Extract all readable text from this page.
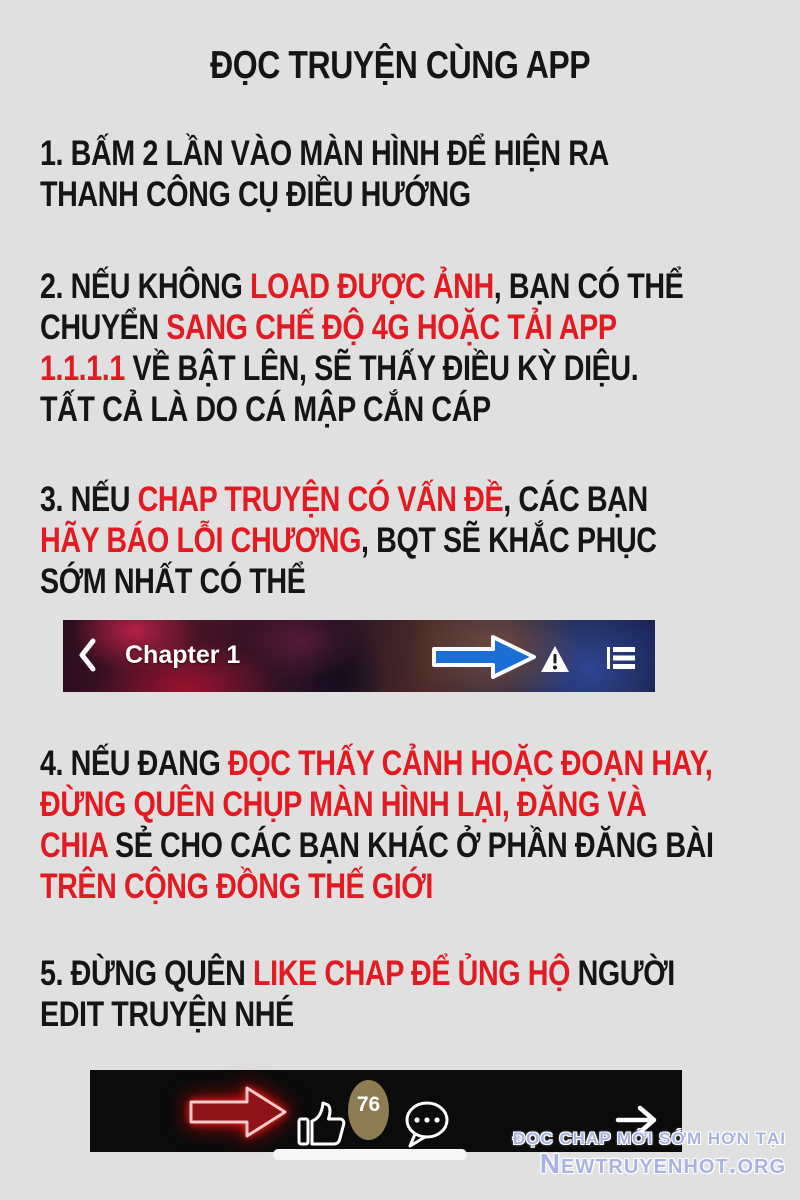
ĐỌC TRUYỆN CÙNG APP
1. BẤM 2 LẦN VÀO MÀN HÌNH ĐỂ HIỆN RA
THANH CÔNG CỤ ĐIỀU HƯỚNG
2. NẾU KHÔNG LOAD ĐƯỢC ẢNH, BẠN CÓ THỂ
CHUYỂN SANG CHẾ ĐỘ 4G HOẶC TẢI APP
1.1.1.1 VỀ BẬT LÊN, SẼ THẤY ĐIỀU KỲ DIỆU.
TẤT CẢ LÀ DO CÁ MẬP CẮN CÁP
3. NẾU CHAP TRUYỆN CÓ VẤN ĐỀ, CÁC BẠN
HÃY BÁO LỖI CHƯƠNG, BQT SẼ KHẮC PHỤC
SỚM NHẤT CÓ THỂ
4. NẾU ĐANG ĐỌC THẤY CẢNH HOẶC ĐOẠN HAY,
ĐỪNG QUÊN CHỤP MÀN HÌNH LẠI, ĐĂNG VÀ
CHIA SẺ CHO CÁC BẠN KHÁC Ở PHẦN ĐĂNG BÀI
TRÊN CỘNG ĐỒNG THẾ GIỚI
5. ĐỪNG QUÊN LIKE CHAP ĐỂ ỦNG HỘ NGƯỜI
EDIT TRUYỆN NHÉ
Chapter 1
76
ĐỌC CHAP MỚI SỚM HƠN TẠI
Newtruyenhot.org
